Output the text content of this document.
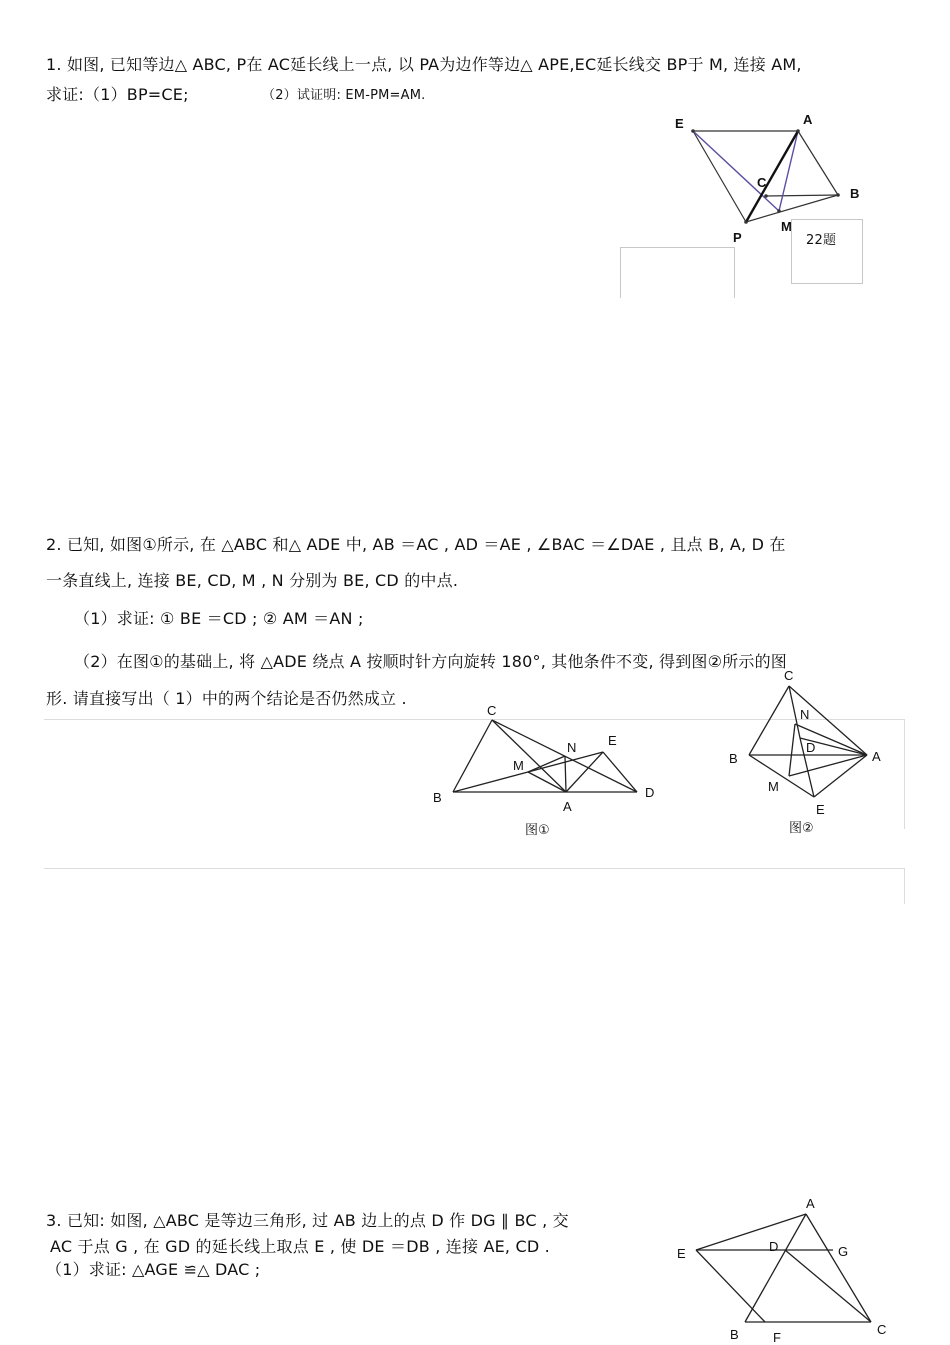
1. 如图, 已知等边△ ABC, P在 AC延长线上一点, 以 PA为边作等边△ APE,EC延长线交 BP于 M, 连接 AM,
求证:（1）BP=CE;	（2）试证明: EM-PM=AM.
E	A
C
B
M
P	22题
2. 已知, 如图①所示, 在 △ABC 和△ ADE 中, AB ＝AC , AD ＝AE , ∠BAC ＝∠DAE , 且点 B, A, D 在
一条直线上, 连接 BE, CD, M , N 分别为 BE, CD 的中点.
（1）求证: ① BE ＝CD ; ② AM ＝AN ;
（2）在图①的基础上, 将 △ADE 绕点 A 按顺时针方向旋转 180°, 其他条件不变, 得到图②所示的图
形. 请直接写出（ 1）中的两个结论是否仍然成立 .
C
N E
M
B
A
D
图①
C
N
D
B	A
M
E
图②
3. 已知: 如图, △ABC 是等边三角形, 过 AB 边上的点 D 作 DG ∥ BC , 交
AC 于点 G , 在 GD 的延长线上取点 E , 使 DE ＝DB , 连接 AE, CD .
（1）求证: △AGE ≌△ DAC ;
A
E	D	G
B	F
C
